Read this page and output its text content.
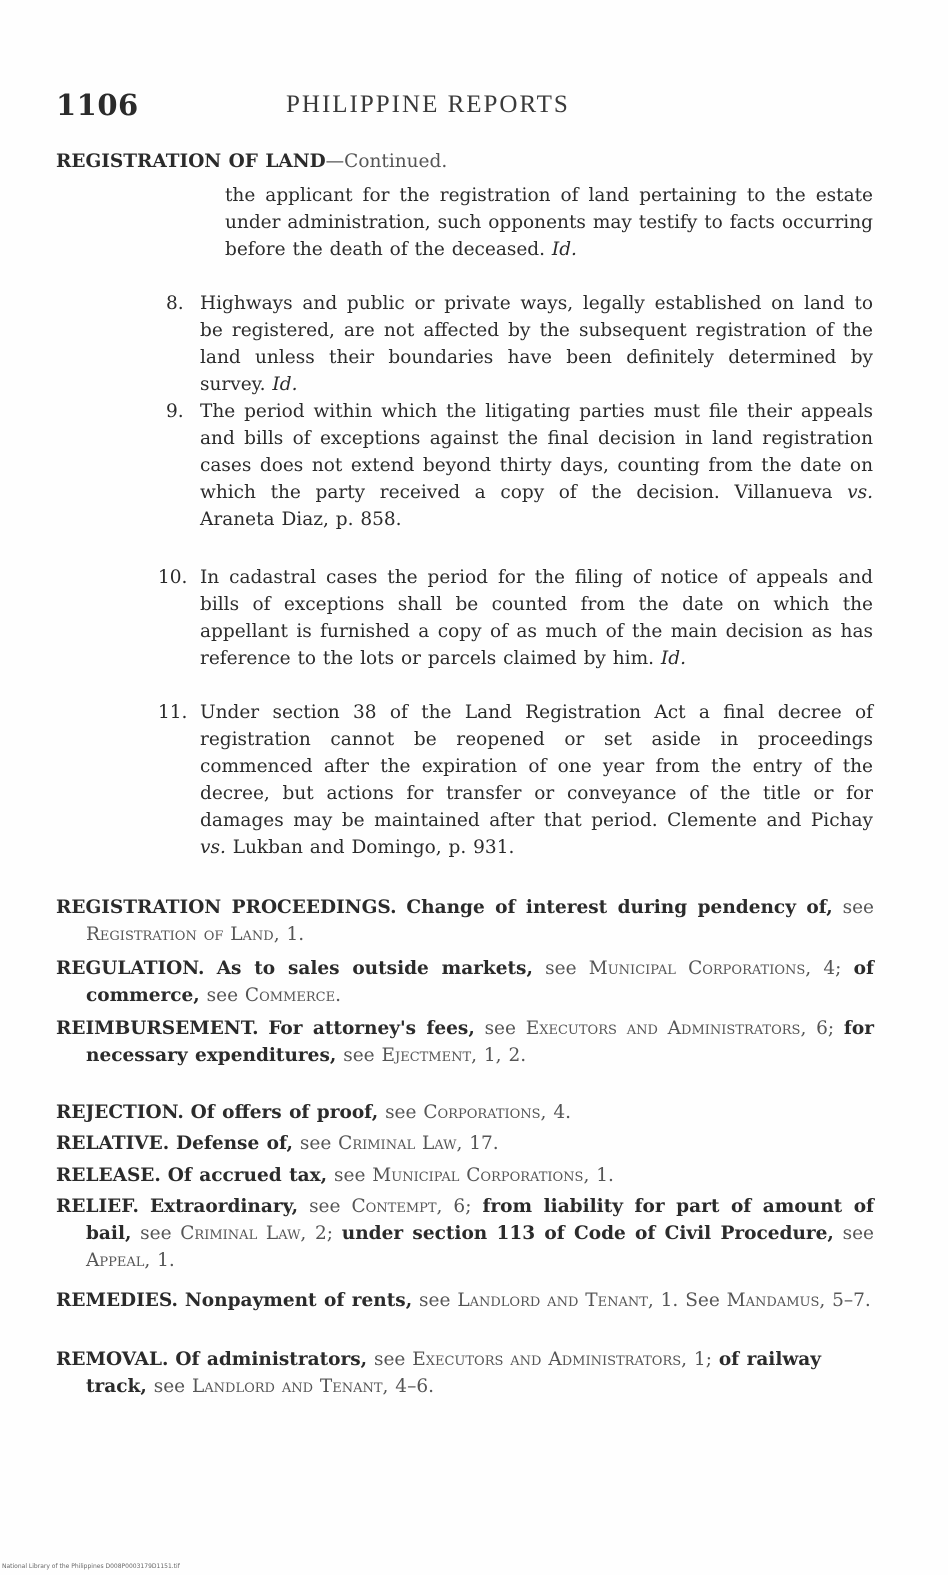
1106	PHILIPPINE REPORTS
REGISTRATION OF LAND—Continued.
the applicant for the registration of land pertaining to the estate under administration, such opponents may testify to facts occurring before the death of the deceased. Id.
8. Highways and public or private ways, legally established on land to be registered, are not affected by the subsequent registration of the land unless their boundaries have been definitely determined by survey. Id.
9. The period within which the litigating parties must file their appeals and bills of exceptions against the final decision in land registration cases does not extend beyond thirty days, counting from the date on which the party received a copy of the decision. Villanueva vs. Araneta Diaz, p. 858.
10. In cadastral cases the period for the filing of notice of appeals and bills of exceptions shall be counted from the date on which the appellant is furnished a copy of as much of the main decision as has reference to the lots or parcels claimed by him. Id.
11. Under section 38 of the Land Registration Act a final decree of registration cannot be reopened or set aside in proceedings commenced after the expiration of one year from the entry of the decree, but actions for transfer or conveyance of the title or for damages may be maintained after that period. Clemente and Pichay vs. Lukban and Domingo, p. 931.
REGISTRATION PROCEEDINGS. Change of interest during pendency of, see Registration of Land, 1.
REGULATION. As to sales outside markets, see Municipal Corporations, 4; of commerce, see Commerce.
REIMBURSEMENT. For attorney's fees, see Executors and Administrators, 6; for necessary expenditures, see Ejectment, 1, 2.
REJECTION. Of offers of proof, see Corporations, 4.
RELATIVE. Defense of, see Criminal Law, 17.
RELEASE. Of accrued tax, see Municipal Corporations, 1.
RELIEF. Extraordinary, see Contempt, 6; from liability for part of amount of bail, see Criminal Law, 2; under section 113 of Code of Civil Procedure, see Appeal, 1.
REMEDIES. Nonpayment of rents, see Landlord and Tenant, 1. See Mandamus, 5–7.
REMOVAL. Of administrators, see Executors and Administrators, 1; of railway track, see Landlord and Tenant, 4–6.
National Library of the Philippines D008P0003179D1151.tif
